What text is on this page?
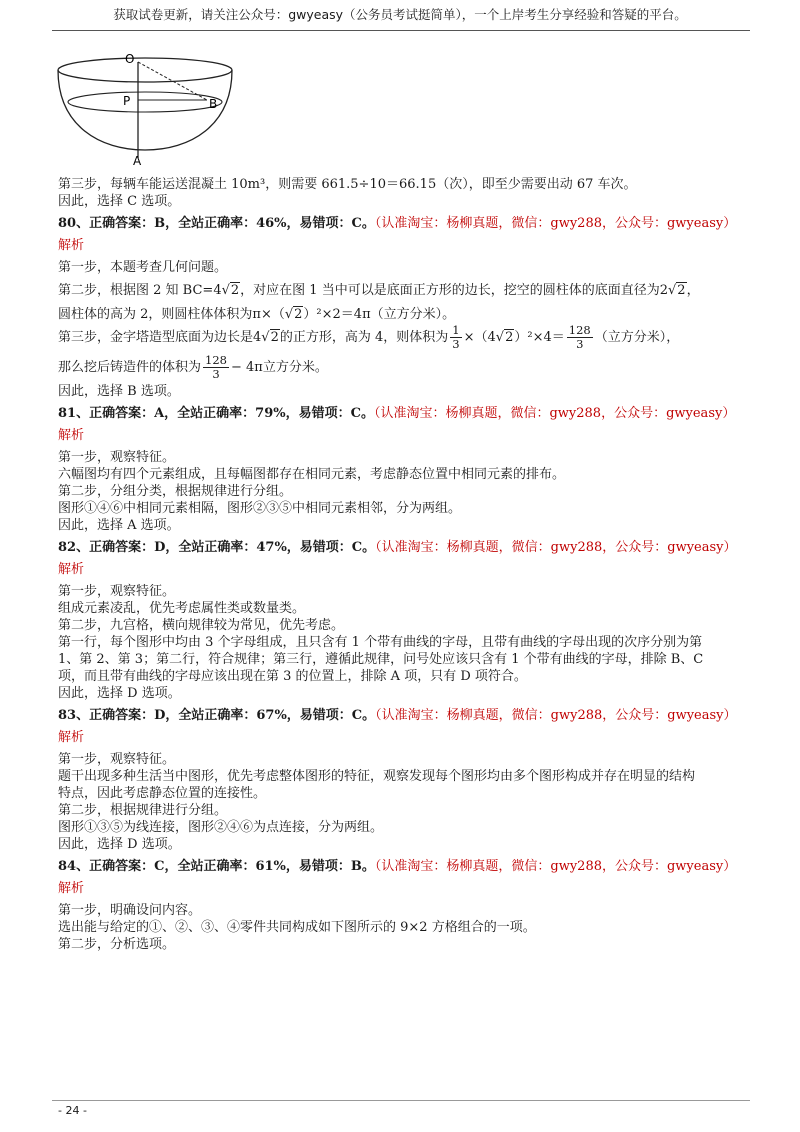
获取试卷更新，请关注公众号：gwyeasy（公务员考试挺简单），一个上岸考生分享经验和答疑的平台。
O
P	B
A
第三步，每辆车能运送混凝土 10m³，则需要 661.5÷10＝66.15（次），即至少需要出动 67 车次。
因此，选择 C 选项。
80、正确答案：B，全站正确率：46%，易错项：C。（认准淘宝：杨柳真题，微信：gwy288，公众号：gwyeasy）
解析
第一步，本题考查几何问题。
第二步，根据图 2 知 BC=4√2，对应在图 1 当中可以是底面正方形的边长，挖空的圆柱体的底面直径为2√2，
圆柱体的高为 2，则圆柱体体积为π×（√2）²×2＝4π（立方分米）。
第三步，金字塔造型底面为边长是4√2的正方形，高为 4，则体积为 $\frac{1}{3} \times(4√2)^2\times 4= \frac{128}{3}$ （立方分米），
那么挖后铸造件的体积为 $\frac{128}{3} - 4\pi$立方分米。
因此，选择 B 选项。
81、正确答案：A，全站正确率：79%，易错项：C。（认准淘宝：杨柳真题，微信：gwy288，公众号：gwyeasy）
解析
第一步，观察特征。
六幅图均有四个元素组成，且每幅图都存在相同元素，考虑静态位置中相同元素的排布。
第二步，分组分类，根据规律进行分组。
图形①④⑥中相同元素相隔，图形②③⑤中相同元素相邻，分为两组。
因此，选择 A 选项。
82、正确答案：D，全站正确率：47%，易错项：C。（认准淘宝：杨柳真题，微信：gwy288，公众号：gwyeasy）
解析
第一步，观察特征。
组成元素凌乱，优先考虑属性类或数量类。
第二步，九宫格，横向规律较为常见，优先考虑。
第一行，每个图形中均由 3 个字母组成，且只含有 1 个带有曲线的字母，且带有曲线的字母出现的次序分别为第
1、第 2、第 3；第二行，符合规律；第三行，遵循此规律，问号处应该只含有 1 个带有曲线的字母，排除 B、C
项，而且带有曲线的字母应该出现在第 3 的位置上，排除 A 项，只有 D 项符合。
因此，选择 D 选项。
83、正确答案：D，全站正确率：67%，易错项：C。（认准淘宝：杨柳真题，微信：gwy288，公众号：gwyeasy）
解析
第一步，观察特征。
题干出现多种生活当中图形，优先考虑整体图形的特征，观察发现每个图形均由多个图形构成并存在明显的结构
特点，因此考虑静态位置的连接性。
第二步，根据规律进行分组。
图形①③⑤为线连接，图形②④⑥为点连接，分为两组。
因此，选择 D 选项。
84、正确答案：C，全站正确率：61%，易错项：B。（认准淘宝：杨柳真题，微信：gwy288，公众号：gwyeasy）
解析
第一步，明确设问内容。
选出能与给定的①、②、③、④零件共同构成如下图所示的 9×2 方格组合的一项。
第二步，分析选项。
- 24 -
